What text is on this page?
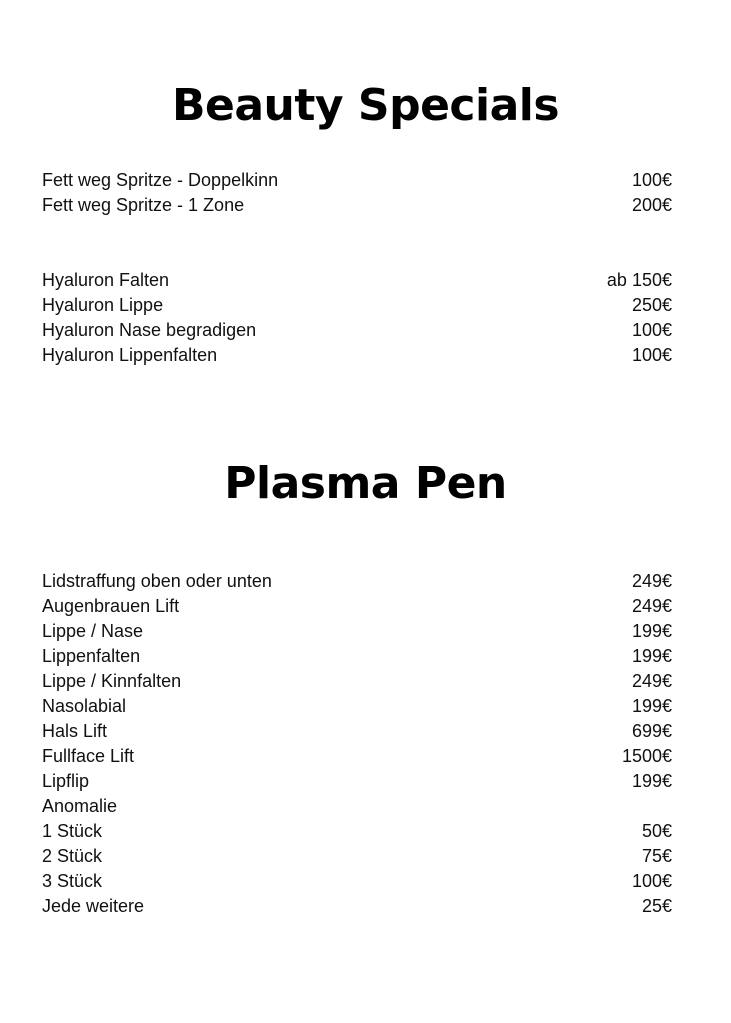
Beauty Specials
Fett weg Spritze - Doppelkinn	100€
Fett weg Spritze - 1 Zone	200€
Hyaluron Falten	ab 150€
Hyaluron Lippe	250€
Hyaluron Nase begradigen	100€
Hyaluron Lippenfalten	100€
Plasma Pen
Lidstraffung oben oder unten	249€
Augenbrauen Lift	249€
Lippe / Nase	199€
Lippenfalten	199€
Lippe / Kinnfalten	249€
Nasolabial	199€
Hals Lift	699€
Fullface Lift	1500€
Lipflip	199€
Anomalie
1 Stück	50€
2 Stück	75€
3 Stück	100€
Jede weitere	25€
